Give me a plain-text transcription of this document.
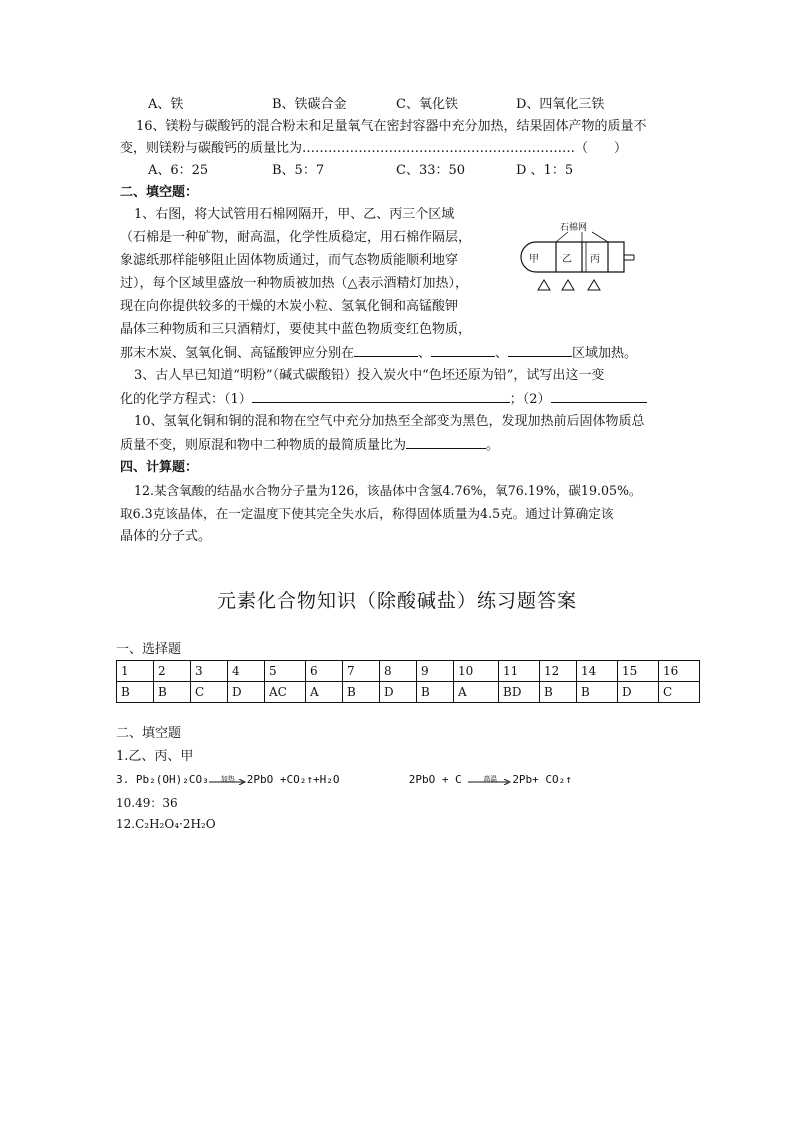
A、铁	B、铁碳合金	C、氧化铁	D、四氧化三铁
16、镁粉与碳酸钙的混合粉末和足量氧气在密封容器中充分加热，结果固体产物的质量不
变，则镁粉与碳酸钙的质量比为………………………………………………………（　　）
A、6：25	B、5：7	C、33：50	D 、1：5
二、填空题：
1、右图，将大试管用石棉网隔开，甲、乙、丙三个区域
（石棉是一种矿物，耐高温，化学性质稳定，用石棉作隔层，
象滤纸那样能够阻止固体物质通过，而气态物质能顺利地穿
过），每个区域里盛放一种物质被加热（△表示酒精灯加热），
现在向你提供较多的干燥的木炭小粒、氢氧化铜和高锰酸钾
晶体三种物质和三只酒精灯，要使其中蓝色物质变红色物质，
那末木炭、氢氧化铜、高锰酸钾应分别在	、	、	区域加热。
石棉网
甲 乙 丙
3、古人早已知道“明粉”（碱式碳酸铅）投入炭火中“色坯还原为铅”，试写出这一变
化的化学方程式：（1）	；（2）
10、氢氧化铜和铜的混和物在空气中充分加热至全部变为黑色，发现加热前后固体物质总
质量不变，则原混和物中二种物质的最简质量比为	。
四、计算题：
12.某含氧酸的结晶水合物分子量为126，该晶体中含氢4.76%，氧76.19%，碳19.05%。
取6.3克该晶体，在一定温度下使其完全失水后，称得固体质量为4.5克。通过计算确定该
晶体的分子式。
元素化合物知识（除酸碱盐）练习题答案
一、选择题
1	2	3	4	5	6	7	8	9	10	11	12	14	15	16
B	B	C	D	AC	A	B	D	B	A	BD	B	B	D	C
二、填空题
1.乙、丙、甲
3. Pb₂(OH)₂CO₃	加热	2PbO +CO₂↑+H₂O	2PbO + C	高温	2Pb+ CO₂↑
10.49：36
12.C₂H₂O₄·2H₂O
